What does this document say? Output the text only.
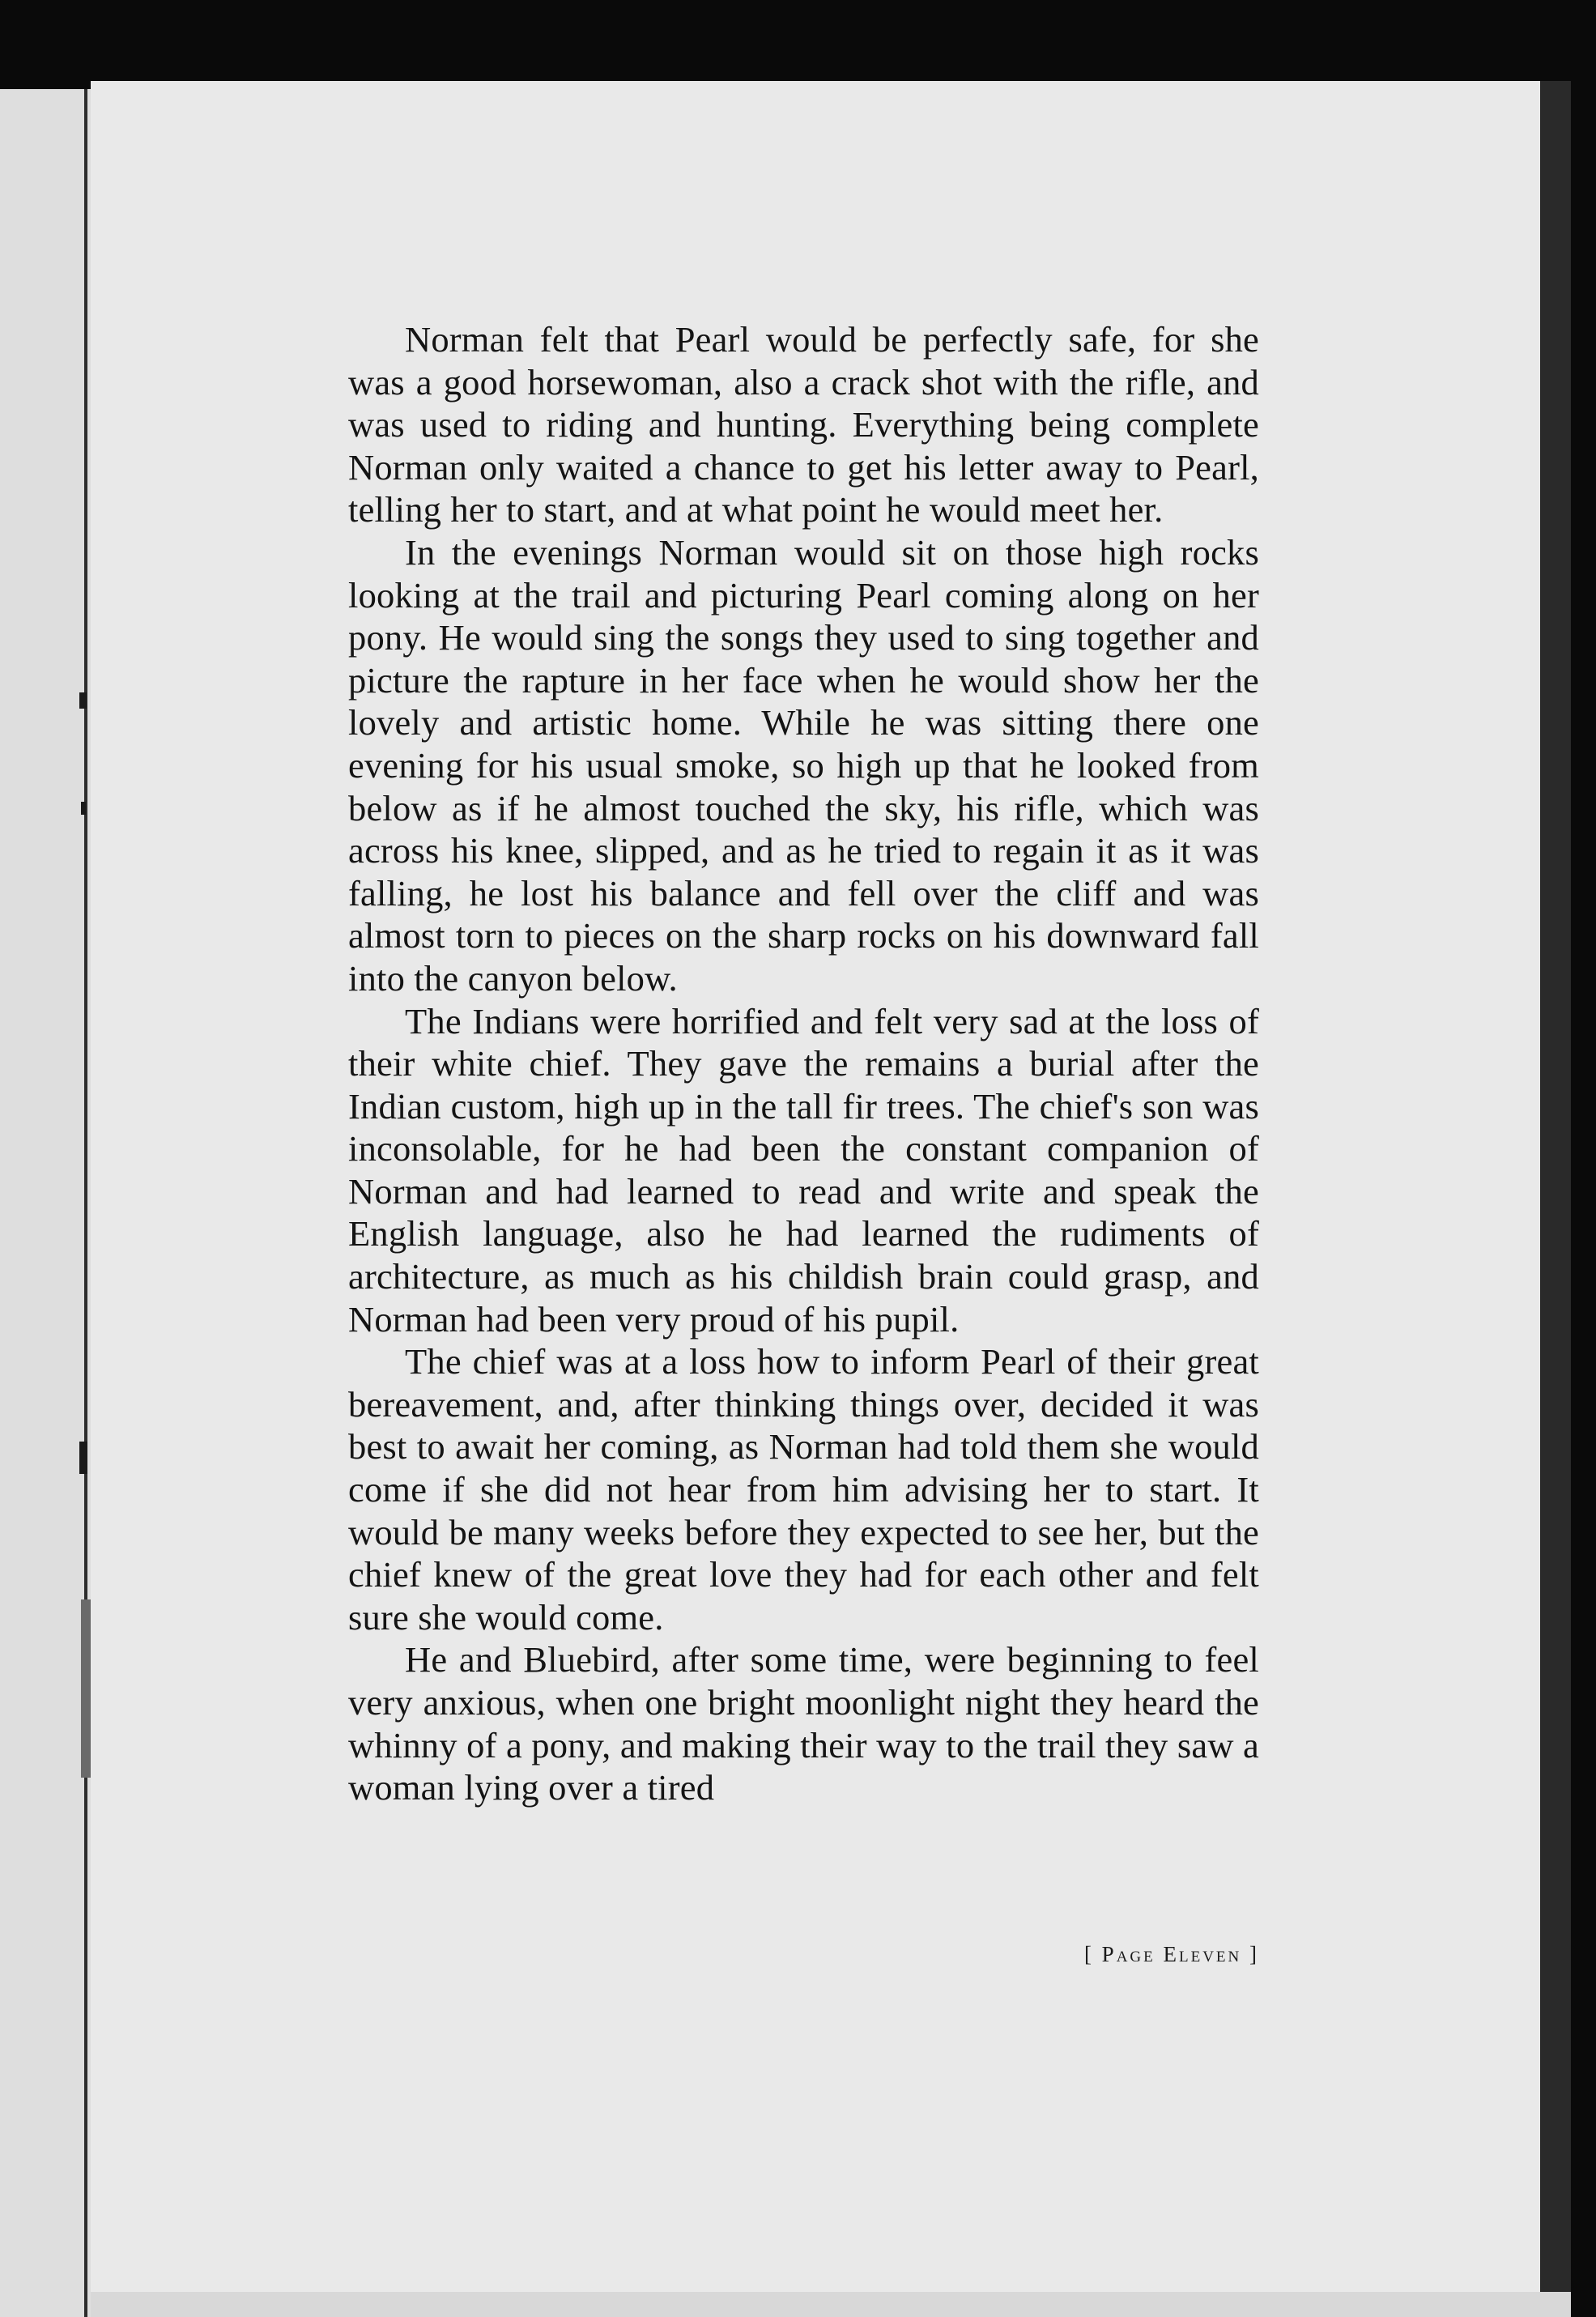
Norman felt that Pearl would be perfectly safe, for she was a good horsewoman, also a crack shot with the rifle, and was used to riding and hunting. Everything being complete Norman only waited a chance to get his letter away to Pearl, telling her to start, and at what point he would meet her.

In the evenings Norman would sit on those high rocks looking at the trail and picturing Pearl coming along on her pony. He would sing the songs they used to sing together and picture the rapture in her face when he would show her the lovely and artistic home. While he was sitting there one evening for his usual smoke, so high up that he looked from below as if he almost touched the sky, his rifle, which was across his knee, slipped, and as he tried to regain it as it was falling, he lost his balance and fell over the cliff and was almost torn to pieces on the sharp rocks on his downward fall into the canyon below.

The Indians were horrified and felt very sad at the loss of their white chief. They gave the remains a burial after the Indian custom, high up in the tall fir trees. The chief's son was inconsolable, for he had been the constant companion of Norman and had learned to read and write and speak the English language, also he had learned the rudiments of architecture, as much as his childish brain could grasp, and Norman had been very proud of his pupil.

The chief was at a loss how to inform Pearl of their great bereavement, and, after thinking things over, decided it was best to await her coming, as Norman had told them she would come if she did not hear from him advising her to start. It would be many weeks before they expected to see her, but the chief knew of the great love they had for each other and felt sure she would come.

He and Bluebird, after some time, were beginning to feel very anxious, when one bright moonlight night they heard the whinny of a pony, and making their way to the trail they saw a woman lying over a tired

[ Page Eleven ]
